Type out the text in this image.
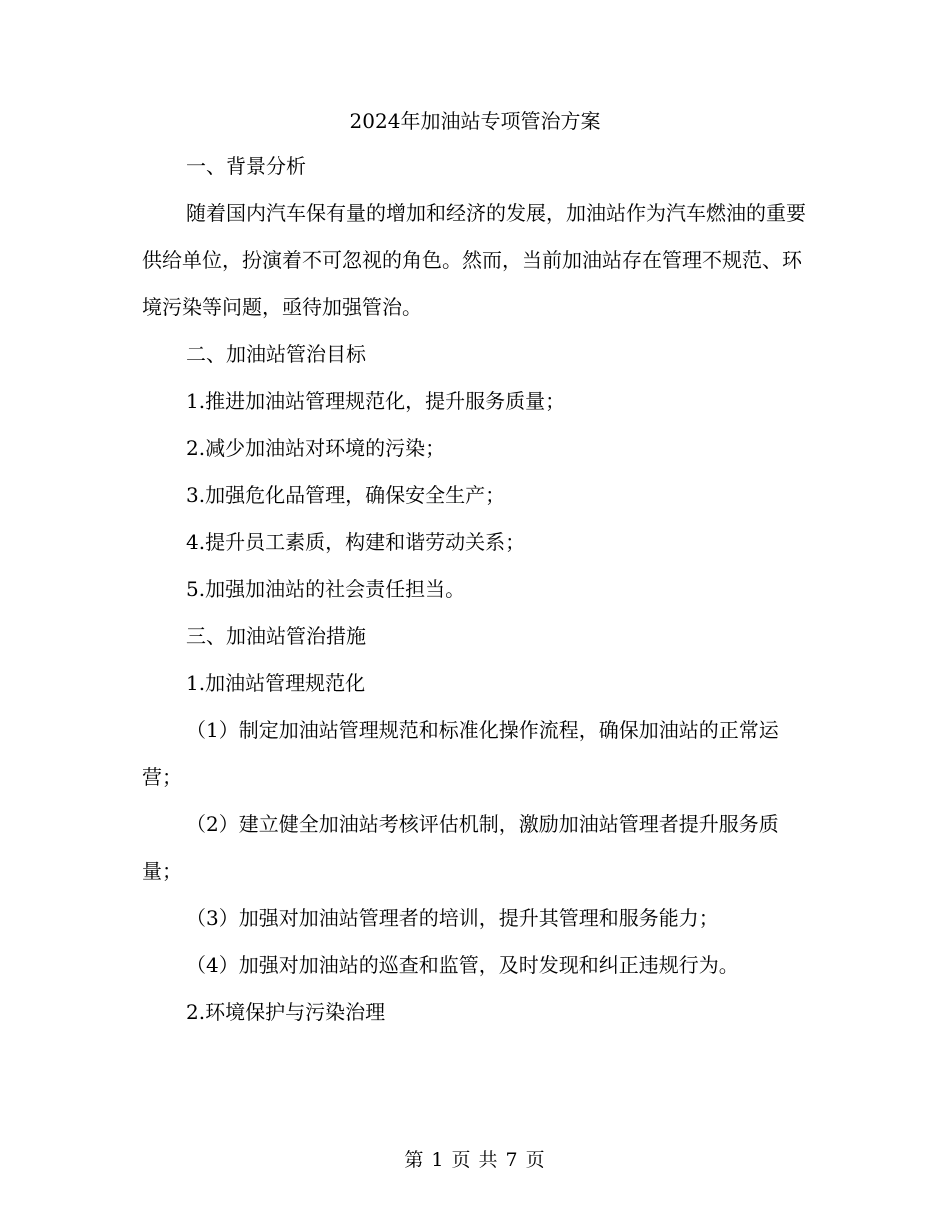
2024年加油站专项管治方案

一、背景分析

随着国内汽车保有量的增加和经济的发展，加油站作为汽车燃油的重要供给单位，扮演着不可忽视的角色。然而，当前加油站存在管理不规范、环境污染等问题，亟待加强管治。

二、加油站管治目标

1.推进加油站管理规范化，提升服务质量；

2.减少加油站对环境的污染；

3.加强危化品管理，确保安全生产；

4.提升员工素质，构建和谐劳动关系；

5.加强加油站的社会责任担当。

三、加油站管治措施

1.加油站管理规范化

（1）制定加油站管理规范和标准化操作流程，确保加油站的正常运营；

（2）建立健全加油站考核评估机制，激励加油站管理者提升服务质量；

（3）加强对加油站管理者的培训，提升其管理和服务能力；

（4）加强对加油站的巡查和监管，及时发现和纠正违规行为。

2.环境保护与污染治理

第 1 页 共 7 页
